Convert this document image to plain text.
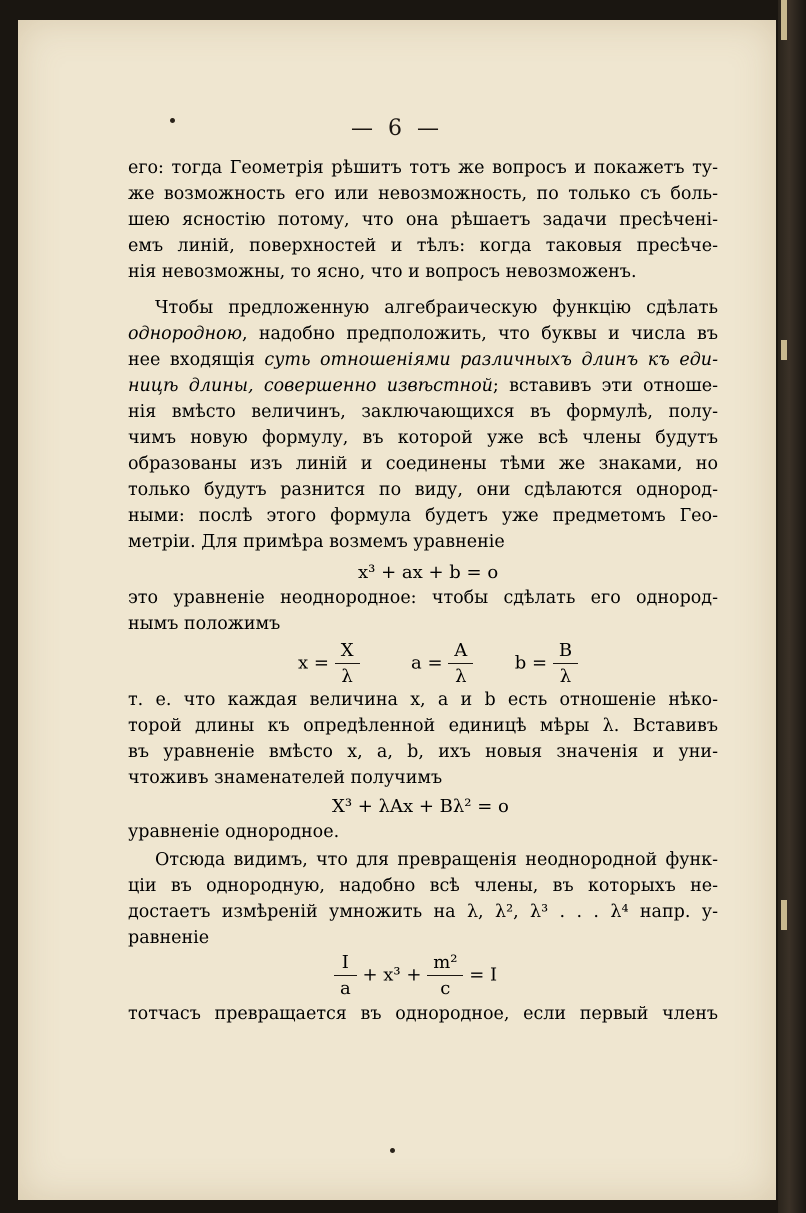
— 6 —
его: тогда Геометрія рѣшитъ тотъ же вопросъ и покажетъ ту-
же возможность его или невозможность, по только съ боль-
шею ясностію потому, что она рѣшаетъ задачи пресѣченi-
емъ линій, поверхностей и тѣлъ: когда таковыя пресѣче-
нія невозможны, то ясно, что и вопросъ невозможенъ.
Чтобы предложенную алгебраическую функцію сдѣлать
однородною, надобно предположить, что буквы и числа въ
нее входящія суть отношеніями различныхъ длинъ къ еди-
ницѣ длины, совершенно извѣстной; вставивъ эти отноше-
нія вмѣсто величинъ, заключающихся въ формулѣ, полу-
чимъ новую формулу, въ которой уже всѣ члены будутъ
образованы изъ линій и соединены тѣми же знаками, но
только будутъ разнится по виду, они сдѣлаются однород-
ными: послѣ этого формула будетъ уже предметомъ Гео-
метріи. Для примѣра возмемъ уравненіе
x³ + ax + b = o
это уравненіе неоднородное: чтобы сдѣлать его однород-
нымъ положимъ
$x = \frac{X}{\lambda}$	$a = \frac{A}{\lambda}$ $b = \frac{B}{\lambda}$
т. е. что каждая величина x, a и b есть отношеніе нѣко-
торой длины къ опредѣленной единицѣ мѣры λ. Вставивъ
въ уравненіе вмѣсто x, a, b, ихъ новыя значенія и уни-
чтоживъ знаменателей получимъ
X³ + λAx + Bλ² = o
уравненіе однородное.
Отсюда видимъ, что для превращенія неоднородной функ-
ціи въ однородную, надобно всѣ члены, въ которыхъ не-
достаетъ измѣреній умножить на λ, λ², λ³ . . . λ⁴ напр. у-
равненіе
$\frac{I}{a} + x^3 + \frac{\text{m²}}{c} = I$
тотчасъ превращается въ однородное, если первый членъ
